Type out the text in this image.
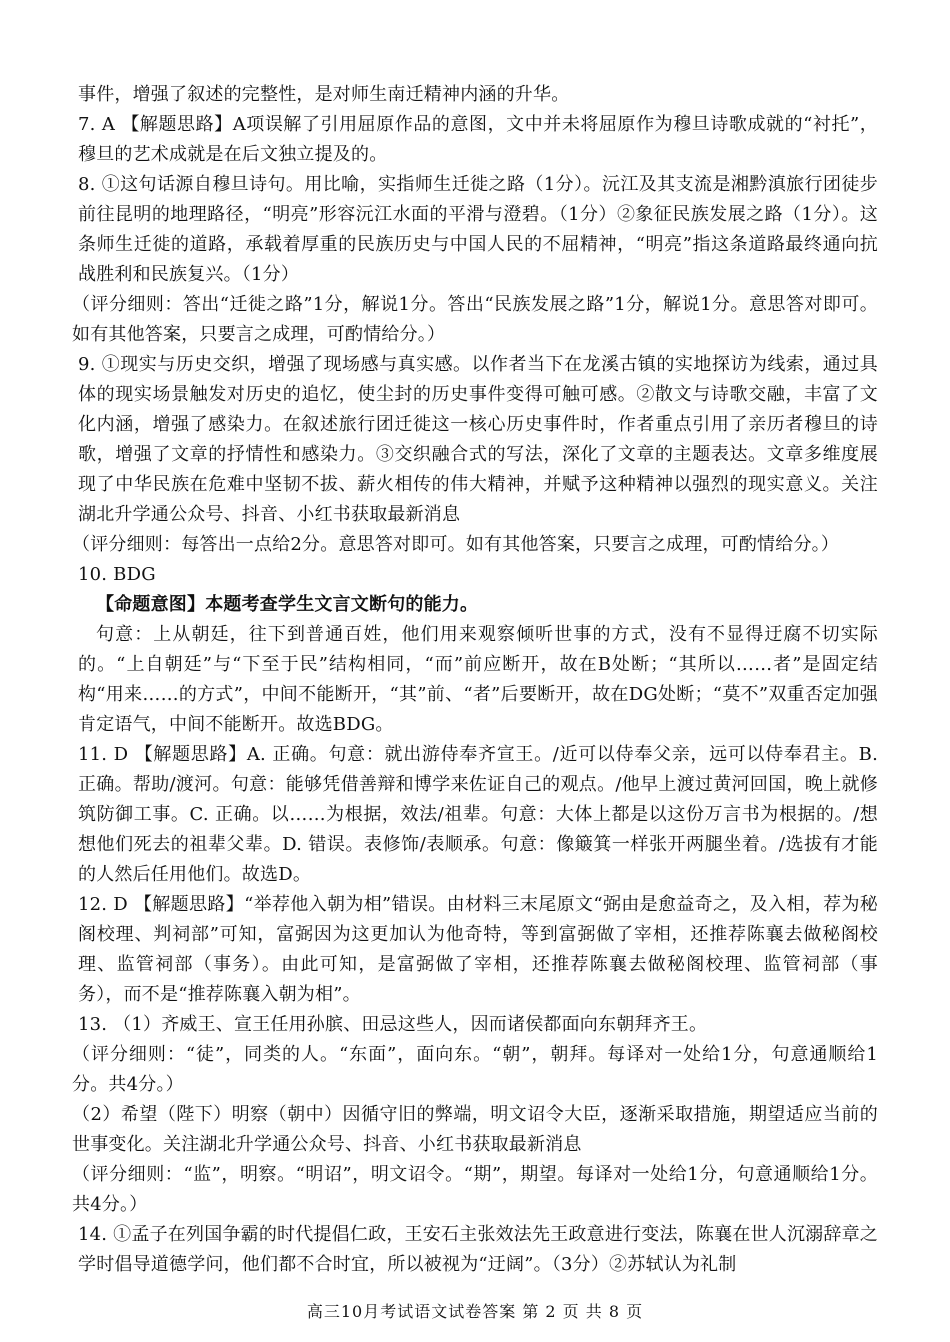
事件，增强了叙述的完整性，是对师生南迁精神内涵的升华。

7. A 【解题思路】A项误解了引用屈原作品的意图，文中并未将屈原作为穆旦诗歌成就的“衬托”，穆旦的艺术成就是在后文独立提及的。

8. ①这句话源自穆旦诗句。用比喻，实指师生迁徙之路（1分）。沅江及其支流是湘黔滇旅行团徒步前往昆明的地理路径，“明亮”形容沅江水面的平滑与澄碧。（1分）②象征民族发展之路（1分）。这条师生迁徙的道路，承载着厚重的民族历史与中国人民的不屈精神，“明亮”指这条道路最终通向抗战胜利和民族复兴。（1分）

（评分细则：答出“迁徙之路”1分，解说1分。答出“民族发展之路”1分，解说1分。意思答对即可。如有其他答案，只要言之成理，可酌情给分。）

9. ①现实与历史交织，增强了现场感与真实感。以作者当下在龙溪古镇的实地探访为线索，通过具体的现实场景触发对历史的追忆，使尘封的历史事件变得可触可感。②散文与诗歌交融，丰富了文化内涵，增强了感染力。在叙述旅行团迁徙这一核心历史事件时，作者重点引用了亲历者穆旦的诗歌，增强了文章的抒情性和感染力。③交织融合式的写法，深化了文章的主题表达。文章多维度展现了中华民族在危难中坚韧不拔、薪火相传的伟大精神，并赋予这种精神以强烈的现实意义。关注湖北升学通公众号、抖音、小红书获取最新消息

（评分细则：每答出一点给2分。意思答对即可。如有其他答案，只要言之成理，可酌情给分。）

10. BDG

【命题意图】本题考查学生文言文断句的能力。

句意：上从朝廷，往下到普通百姓，他们用来观察倾听世事的方式，没有不显得迂腐不切实际的。“上自朝廷”与“下至于民”结构相同，“而”前应断开，故在B处断；“其所以……者”是固定结构“用来……的方式”，中间不能断开，“其”前、“者”后要断开，故在DG处断；“莫不”双重否定加强肯定语气，中间不能断开。故选BDG。

11. D 【解题思路】A. 正确。句意：就出游侍奉齐宣王。/近可以侍奉父亲，远可以侍奉君主。B. 正确。帮助/渡河。句意：能够凭借善辩和博学来佐证自己的观点。/他早上渡过黄河回国，晚上就修筑防御工事。C. 正确。以……为根据，效法/祖辈。句意：大体上都是以这份万言书为根据的。/想想他们死去的祖辈父辈。D. 错误。表修饰/表顺承。句意：像簸箕一样张开两腿坐着。/选拔有才能的人然后任用他们。故选D。

12. D 【解题思路】“举荐他入朝为相”错误。由材料三末尾原文“弼由是愈益奇之，及入相，荐为秘阁校理、判祠部”可知，富弼因为这更加认为他奇特，等到富弼做了宰相，还推荐陈襄去做秘阁校理、监管祠部（事务）。由此可知，是富弼做了宰相，还推荐陈襄去做秘阁校理、监管祠部（事务），而不是“推荐陈襄入朝为相”。

13. （1）齐威王、宣王任用孙膑、田忌这些人，因而诸侯都面向东朝拜齐王。

（评分细则：“徒”，同类的人。“东面”，面向东。“朝”，朝拜。每译对一处给1分，句意通顺给1分。共4分。）

（2）希望（陛下）明察（朝中）因循守旧的弊端，明文诏令大臣，逐渐采取措施，期望适应当前的世事变化。关注湖北升学通公众号、抖音、小红书获取最新消息

（评分细则：“监”，明察。“明诏”，明文诏令。“期”，期望。每译对一处给1分，句意通顺给1分。共4分。）

14. ①孟子在列国争霸的时代提倡仁政，王安石主张效法先王政意进行变法，陈襄在世人沉溺辞章之学时倡导道德学问，他们都不合时宜，所以被视为“迂阔”。（3分）②苏轼认为礼制

高三10月考试语文试卷答案 第 2 页 共 8 页
